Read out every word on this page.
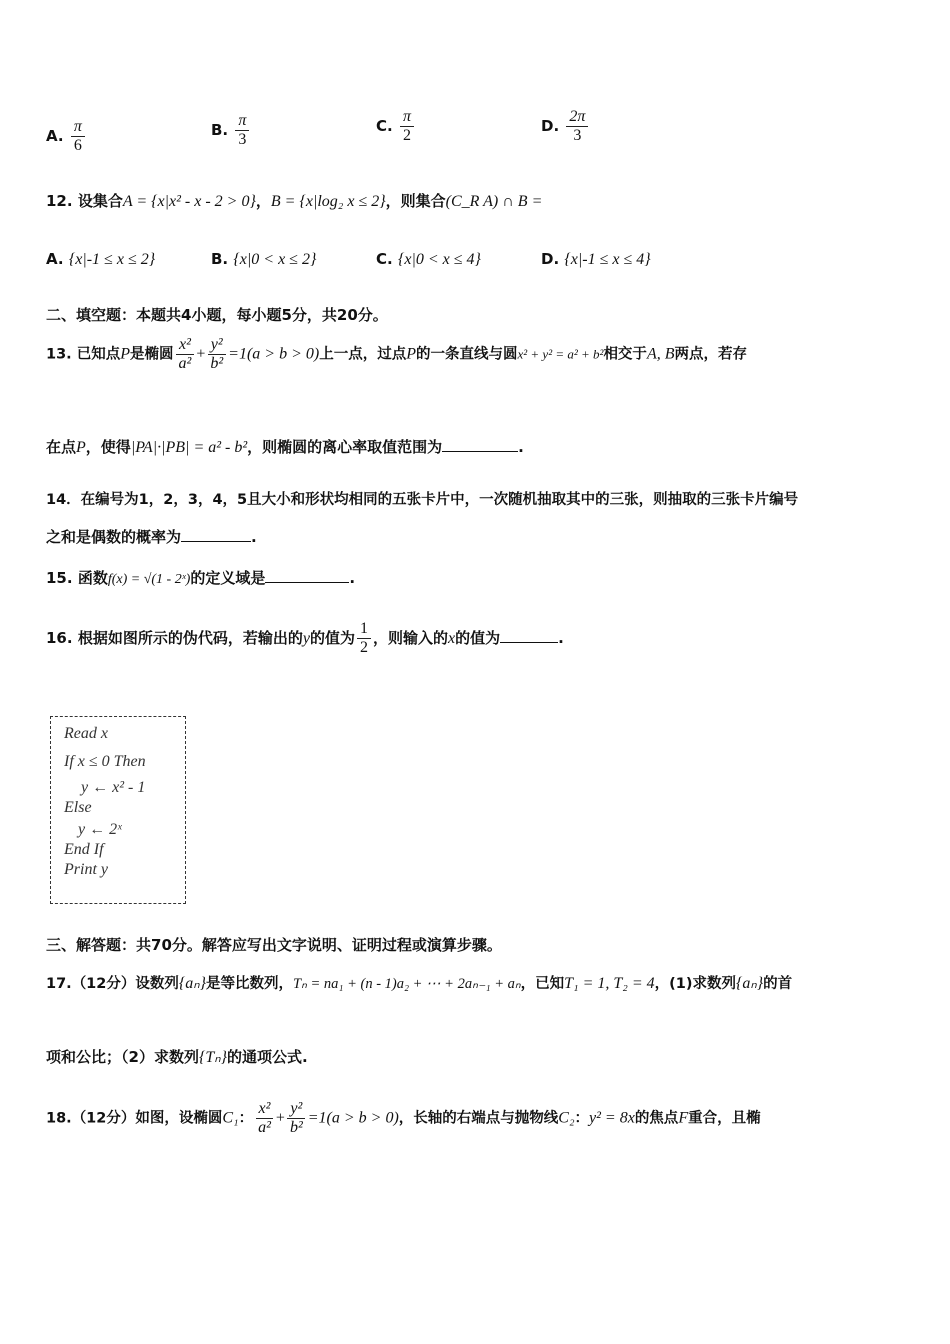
A. $\frac{\pi}{6}$	B. $\frac{\pi}{3}$	C. $\frac{\pi}{2}$	D. $\frac{2\pi}{3}$
12. 设集合A = {x|x² - x - 2 > 0}，B = {x|log₂ x ≤ 2}，则集合(C_R A) ∩ B =
A. {x|-1 ≤ x ≤ 2}	B. {x|0 < x ≤ 2}	C. {x|0 < x ≤ 4}	D. {x|-1 ≤ x ≤ 4}
二、填空题：本题共4小题，每小题5分，共20分。
13. 已知点P是椭圆 $\frac{\text{x²}}{\text{a²}} + \frac{\text{y²}}{\text{b²}} =1(a > b > 0)$上一点，过点P的一条直线与圆x² + y² = a² + b²相交于A, B两点，若存
在点P，使得|PA|·|PB| = a² - b²，则椭圆的离心率取值范围为	.
14．在编号为1，2，3，4，5且大小和形状均相同的五张卡片中，一次随机抽取其中的三张，则抽取的三张卡片编号
之和是偶数的概率为	.
15. 函数f(x) = √(1 - 2ˣ)的定义域是	.
16. 根据如图所示的伪代码，若输出的y的值为 $\frac{1}{2}$ ，则输入的x的值为	.
Read x
If x ≤ 0 Then
y ← x² - 1
Else
y ← 2ˣ
End If
Print y
三、解答题：共70分。解答应写出文字说明、证明过程或演算步骤。
17.（12分）设数列{aₙ}是等比数列，Tₙ = na₁ + (n - 1)a₂ + ⋯ + 2aₙ₋₁ + aₙ，已知T₁ = 1, T₂ = 4，(1)求数列{aₙ}的首
项和公比；（2）求数列{Tₙ}的通项公式.
18.（12分）如图，设椭圆C₁： $\frac{\text{x²}}{\text{a²}} + \frac{\text{y²}}{\text{b²}} =1(a > b > 0)$，长轴的右端点与抛物线C₂：y² = 8x的焦点F重合，且椭
